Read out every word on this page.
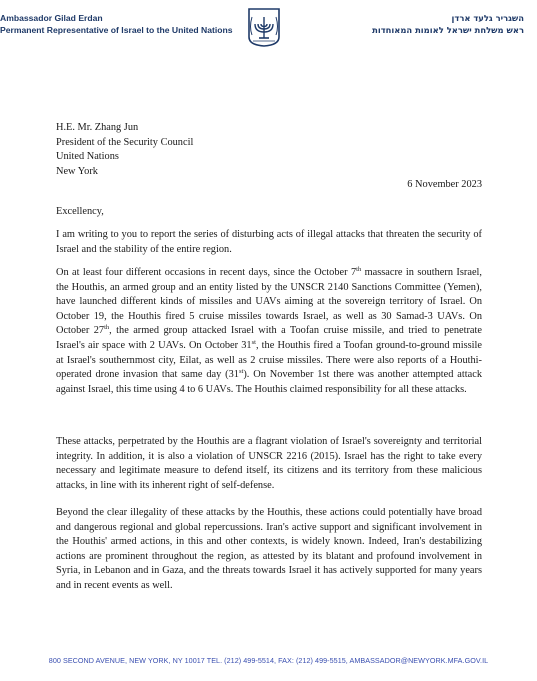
Ambassador Gilad Erdan
Permanent Representative of Israel to the United Nations
השגריר גלעד ארדן
ראש משלחת ישראל לאומות המאוחדות
H.E. Mr. Zhang Jun
President of the Security Council
United Nations
New York
6 November 2023
Excellency,
I am writing to you to report the series of disturbing acts of illegal attacks that threaten the security of Israel and the stability of the entire region.
On at least four different occasions in recent days, since the October 7th massacre in southern Israel, the Houthis, an armed group and an entity listed by the UNSCR 2140 Sanctions Committee (Yemen), have launched different kinds of missiles and UAVs aiming at the sovereign territory of Israel. On October 19, the Houthis fired 5 cruise missiles towards Israel, as well as 30 Samad-3 UAVs. On October 27th, the armed group attacked Israel with a Toofan cruise missile, and tried to penetrate Israel's air space with 2 UAVs. On October 31st, the Houthis fired a Toofan ground-to-ground missile at Israel's southernmost city, Eilat, as well as 2 cruise missiles. There were also reports of a Houthi-operated drone invasion that same day (31st). On November 1st there was another attempted attack against Israel, this time using 4 to 6 UAVs. The Houthis claimed responsibility for all these attacks.
These attacks, perpetrated by the Houthis are a flagrant violation of Israel's sovereignty and territorial integrity. In addition, it is also a violation of UNSCR 2216 (2015). Israel has the right to take every necessary and legitimate measure to defend itself, its citizens and its territory from these malicious attacks, in line with its inherent right of self-defense.
Beyond the clear illegality of these attacks by the Houthis, these actions could potentially have broad and dangerous regional and global repercussions. Iran's active support and significant involvement in the Houthis' armed actions, in this and other contexts, is widely known. Indeed, Iran's destabilizing actions are prominent throughout the region, as attested by its blatant and profound involvement in Syria, in Lebanon and in Gaza, and the threats towards Israel it has actively supported for many years and in recent events as well.
800 SECOND AVENUE, NEW YORK, NY 10017 TEL. (212) 499-5514, FAX: (212) 499-5515, AMBASSADOR@NEWYORK.MFA.GOV.IL
